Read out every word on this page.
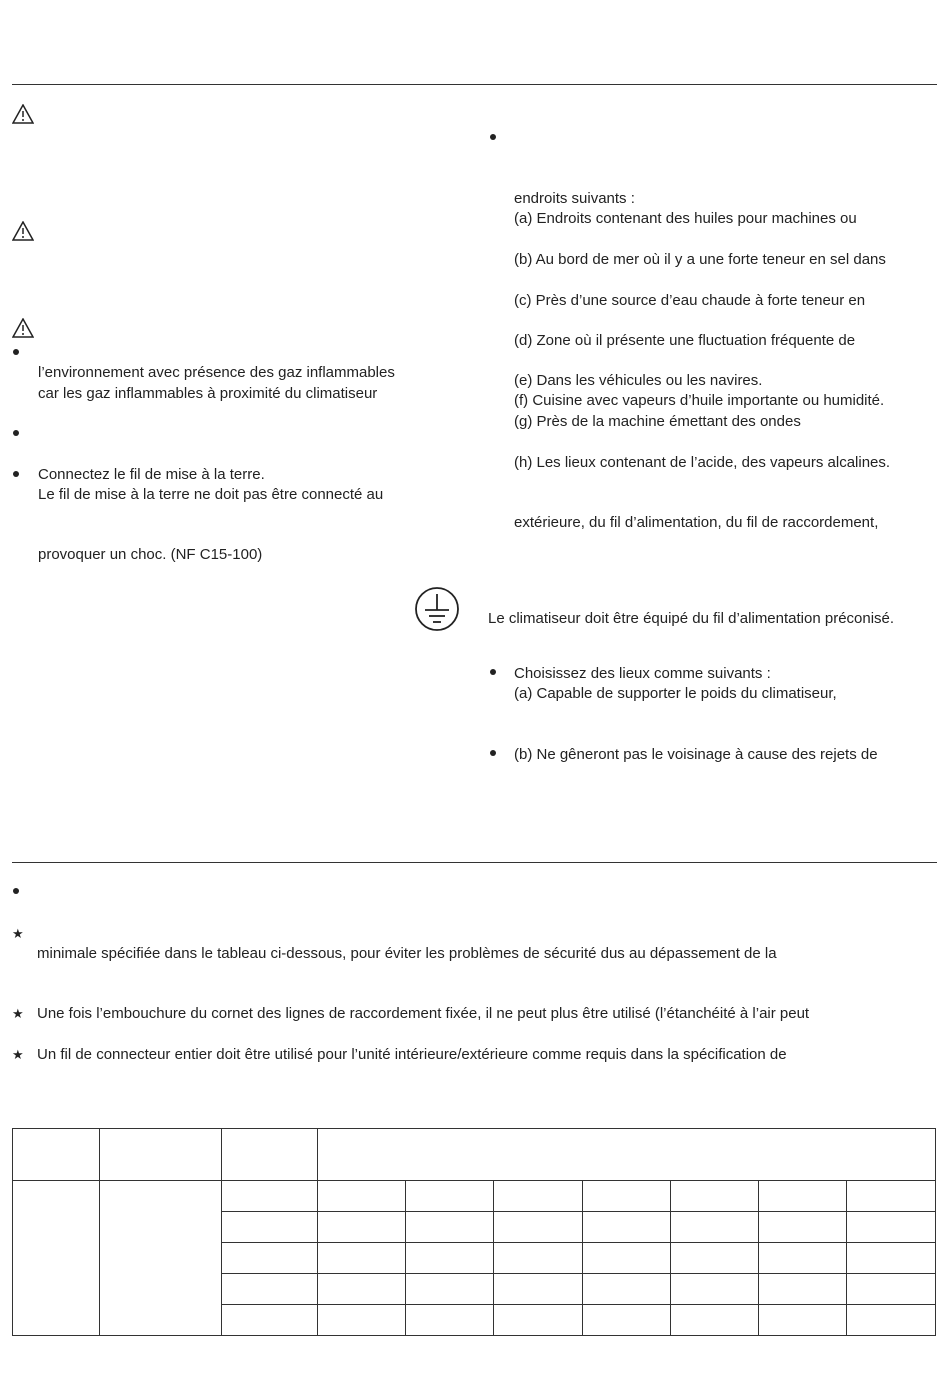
l’environnement avec présence des gaz inflammables
car les gaz inflammables à proximité du climatiseur
Connectez le fil de mise à la terre.
Le fil de mise à la terre ne doit pas être connecté au
provoquer un choc. (NF C15-100)
endroits suivants :
(a) Endroits contenant des huiles pour machines ou
(b) Au bord de mer où il y a une forte teneur en sel dans
(c) Près d’une source d’eau chaude à forte teneur en
(d) Zone où il présente une fluctuation fréquente de
(e) Dans les véhicules ou les navires.
(f) Cuisine avec vapeurs d’huile importante ou humidité.
(g) Près de la machine émettant des ondes
(h) Les lieux contenant de l’acide, des vapeurs alcalines.
extérieure, du fil d’alimentation, du fil de raccordement,
Le climatiseur doit être équipé du fil d’alimentation préconisé.
Choisissez des lieux comme suivants :
(a) Capable de supporter le poids du climatiseur,
(b) Ne gêneront pas le voisinage à cause des rejets de
★
minimale spécifiée dans le tableau ci-dessous, pour éviter les problèmes de sécurité dus au dépassement de la
★ Une fois l’embouchure du cornet des lignes de raccordement fixée, il ne peut plus être utilisé (l’étanchéité à l’air peut
★ Un fil de connecteur entier doit être utilisé pour l’unité intérieure/extérieure comme requis dans la spécification de
